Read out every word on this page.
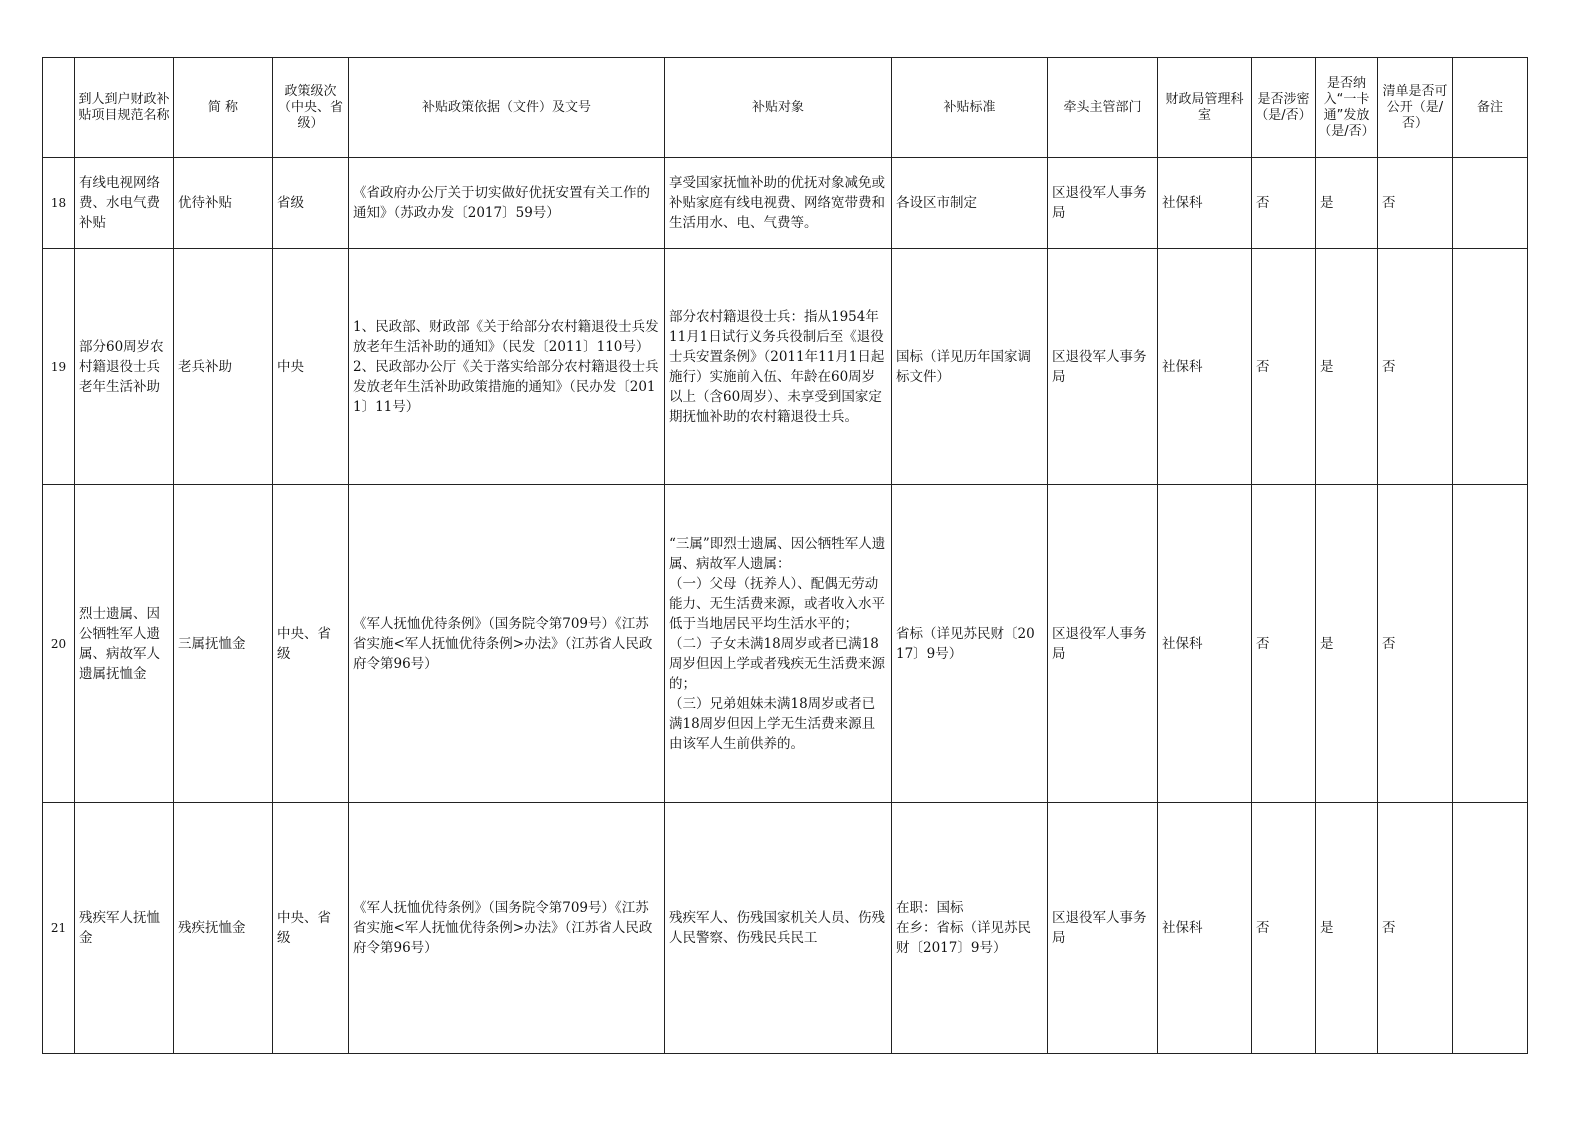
	到人到户财政补贴项目规范名称	简 称	政策级次（中央、省级）	补贴政策依据（文件）及文号	补贴对象	补贴标准	牵头主管部门	财政局管理科室	是否涉密（是/否）	是否纳入“一卡通”发放（是/否）	清单是否可公开（是/否）	备注
18	有线电视网络费、水电气费补贴	优待补贴	省级	《省政府办公厅关于切实做好优抚安置有关工作的通知》（苏政办发〔2017〕59号）	享受国家抚恤补助的优抚对象减免或补贴家庭有线电视费、网络宽带费和生活用水、电、气费等。	各设区市制定	区退役军人事务局	社保科	否	是	否	
19	部分60周岁农村籍退役士兵老年生活补助	老兵补助	中央	1、民政部、财政部《关于给部分农村籍退役士兵发放老年生活补助的通知》（民发〔2011〕110号）
2、民政部办公厅《关于落实给部分农村籍退役士兵发放老年生活补助政策措施的通知》（民办发〔2011〕11号）	部分农村籍退役士兵：指从1954年11月1日试行义务兵役制后至《退役士兵安置条例》（2011年11月1日起施行）实施前入伍、年龄在60周岁以上（含60周岁）、未享受到国家定期抚恤补助的农村籍退役士兵。	国标（详见历年国家调标文件）	区退役军人事务局	社保科	否	是	否	
20	烈士遗属、因公牺牲军人遗属、病故军人遗属抚恤金	三属抚恤金	中央、省级	《军人抚恤优待条例》（国务院令第709号）《江苏省实施<军人抚恤优待条例>办法》（江苏省人民政府令第96号）	“三属”即烈士遗属、因公牺牲军人遗属、病故军人遗属：
（一）父母（抚养人）、配偶无劳动能力、无生活费来源，或者收入水平低于当地居民平均生活水平的；
（二）子女未满18周岁或者已满18周岁但因上学或者残疾无生活费来源的；
（三）兄弟姐妹未满18周岁或者已满18周岁但因上学无生活费来源且由该军人生前供养的。	省标（详见苏民财〔2017〕9号）	区退役军人事务局	社保科	否	是	否	
21	残疾军人抚恤金	残疾抚恤金	中央、省级	《军人抚恤优待条例》（国务院令第709号）《江苏省实施<军人抚恤优待条例>办法》（江苏省人民政府令第96号）	残疾军人、伤残国家机关人员、伤残人民警察、伤残民兵民工	在职：国标
在乡：省标（详见苏民财〔2017〕9号）	区退役军人事务局	社保科	否	是	否	
